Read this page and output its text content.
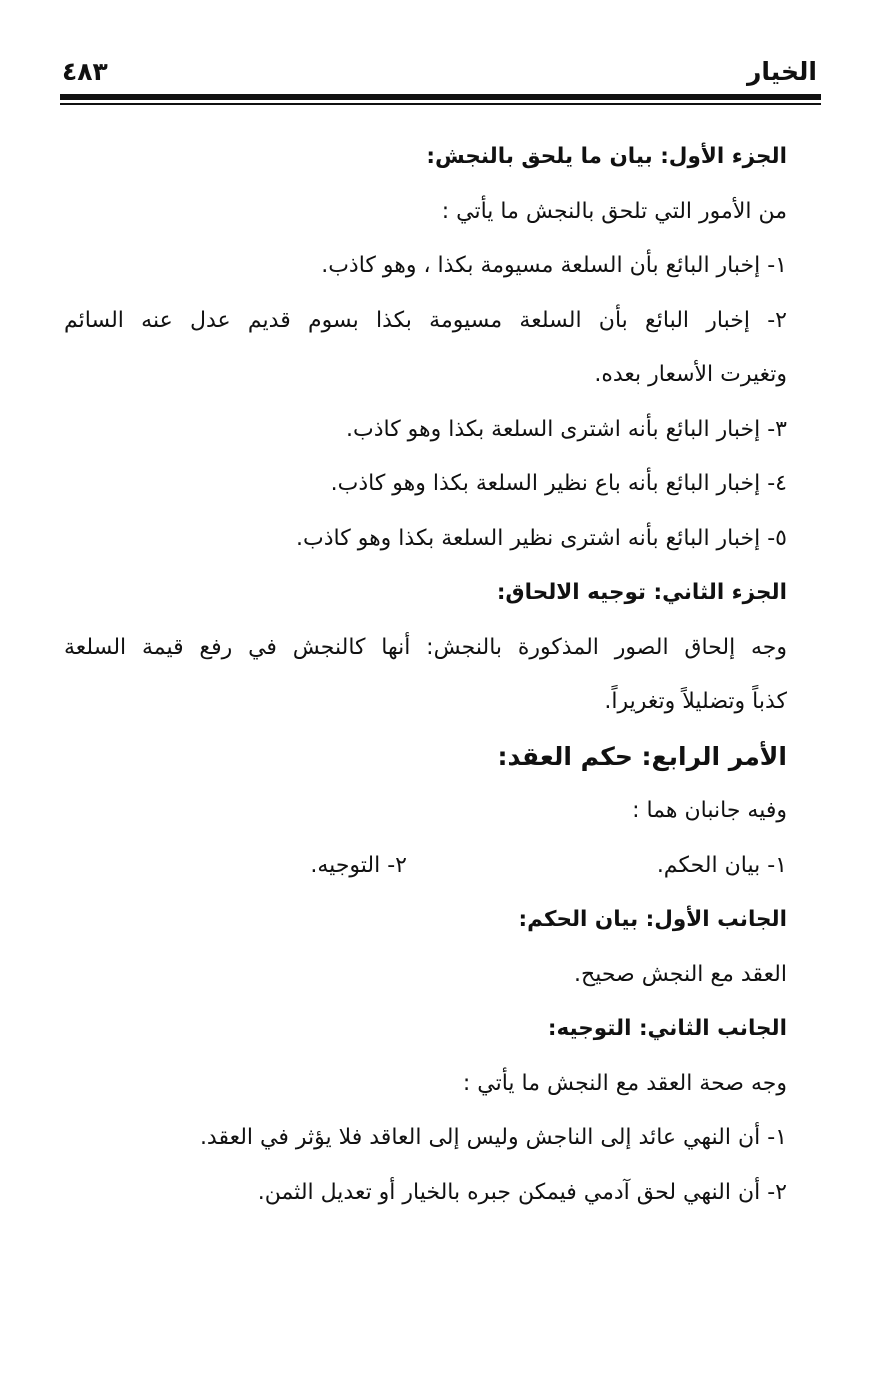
الخيار
٤٨٣
الجزء الأول: بيان ما يلحق بالنجش:
من الأمور التي تلحق بالنجش ما يأتي :
١- إخبار البائع بأن السلعة مسيومة بكذا ، وهو كاذب.
٢- إخبار البائع بأن السلعة مسيومة بكذا بسوم قديم عدل عنه السائم
وتغيرت الأسعار بعده.
٣- إخبار البائع بأنه اشترى السلعة بكذا وهو كاذب.
٤- إخبار البائع بأنه باع نظير السلعة بكذا وهو كاذب.
٥- إخبار البائع بأنه اشترى نظير السلعة بكذا وهو كاذب.
الجزء الثاني: توجيه الالحاق:
وجه إلحاق الصور المذكورة بالنجش: أنها كالنجش في رفع قيمة السلعة
كذباً وتضليلاً وتغريراً.
الأمر الرابع: حكم العقد:
وفيه جانبان هما :
١- بيان الحكم.
٢- التوجيه.
الجانب الأول: بيان الحكم:
العقد مع النجش صحيح.
الجانب الثاني: التوجيه:
وجه صحة العقد مع النجش ما يأتي :
١- أن النهي عائد إلى الناجش وليس إلى العاقد فلا يؤثر في العقد.
٢- أن النهي لحق آدمي فيمكن جبره بالخيار أو تعديل الثمن.
